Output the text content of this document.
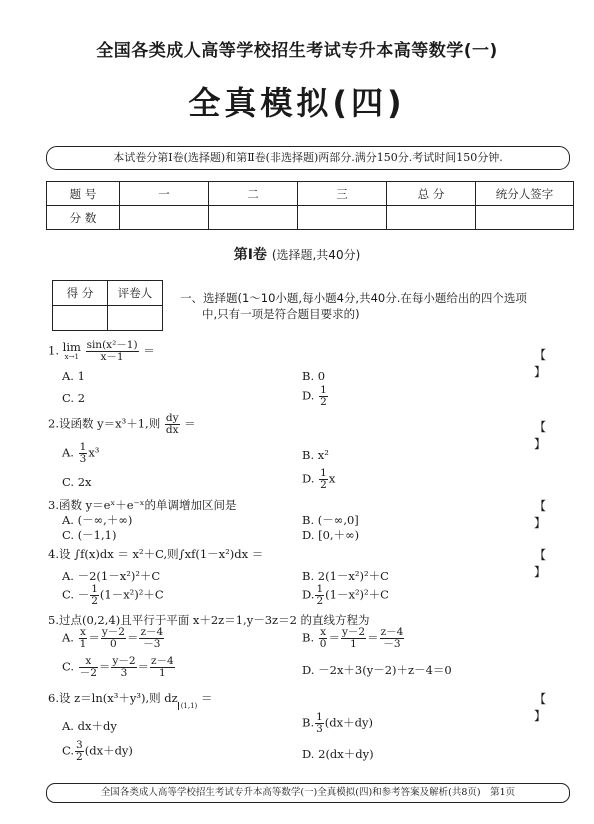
全国各类成人高等学校招生考试专升本高等数学(一)
全真模拟(四)
本试卷分第Ⅰ卷(选择题)和第Ⅱ卷(非选择题)两部分.满分150分.考试时间150分钟.
题 号	一	二	三	总 分	统分人签字
分 数					
第Ⅰ卷 (选择题,共40分)
得 分	评卷人
	一、选择题(1～10小题,每小题4分,共40分.在每小题给出的四个选项
中,只有一项是符合题目要求的)
1. lim
x→1
$\frac{\text{sin(x²－1)}}{x-1}$ ＝	【 】
A. 1	B. 0
C. 2	D. $\frac{1}{2}$
2.设函数 y＝x³＋1,则 $\frac{dy}{dx}$ ＝	【 】
A. $\frac{1}{3} x^3$	B. x²
C. 2x	D. $\frac{1}{2}$ x
3.函数 y＝eˣ＋e⁻ˣ的单调增加区间是	【 】
A. (－∞,＋∞)	B. (－∞,0]
C. (－1,1)	D. [0,＋∞)
4.设 ∫f(x)dx ＝ x²＋C,则∫xf(1－x²)dx ＝	【 】
A. －2(1－x²)²＋C	B. 2(1－x²)²＋C
C. － $\frac{1}{2} (1-x^2)^2+C$	D. $\frac{1}{2} (1-x^2)^2+C$
5.过点(0,2,4)且平行于平面 x＋2z＝1,y－3z＝2 的直线方程为
A. $\frac{x}{1} = \frac{y-2}{0} = \frac{z-4}{-3}$	B. $\frac{x}{0} = \frac{y-2}{1} = \frac{z-4}{-3}$
C. $\frac{x}{-2} = \frac{y-2}{3} = \frac{z-4}{1}$	D. －2x＋3(y－2)＋z－4＝0
6.设 z＝ln(x³＋y³),则 $dz_{(1,1)}$ ＝	【 】
A. dx＋dy	B. $\frac{1}{3} (dx+dy)$
C. $\frac{3}{2} (dx+dy)$	D. 2(dx＋dy)
全国各类成人高等学校招生考试专升本高等数学(一)全真模拟(四)和参考答案及解析(共8页)　第1页
